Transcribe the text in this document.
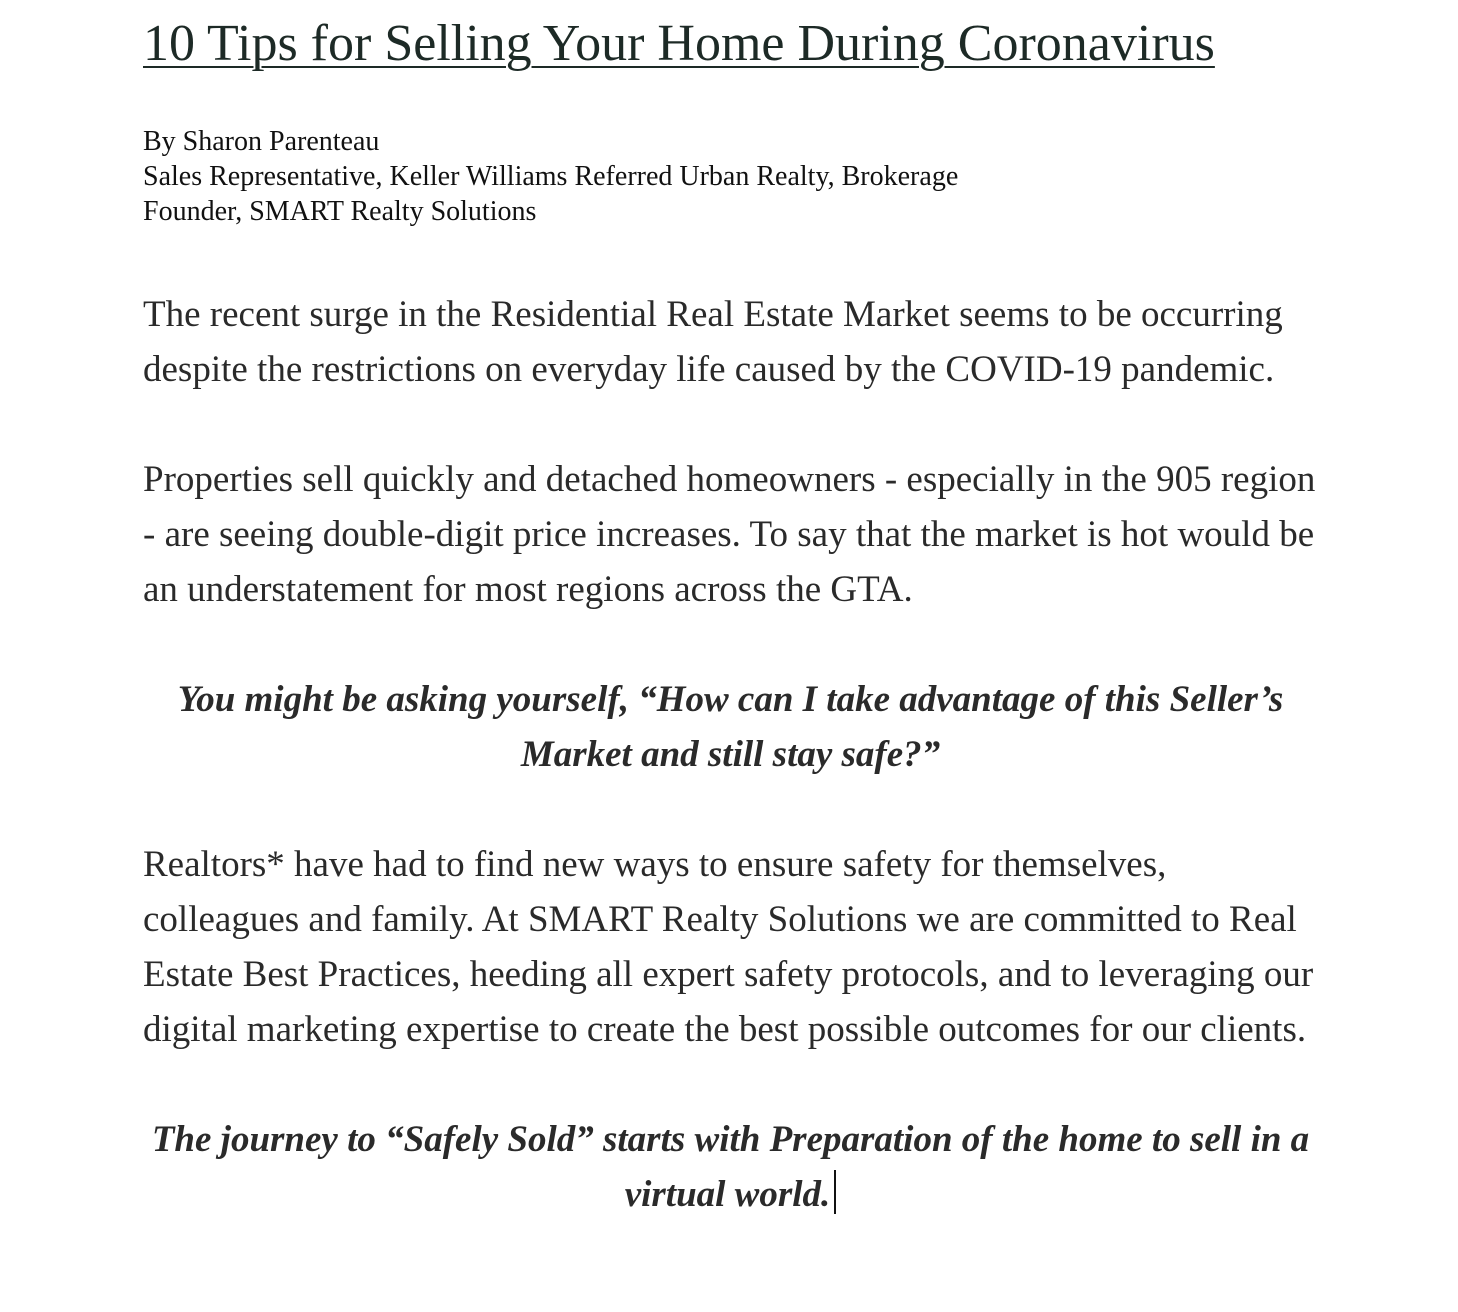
10 Tips for Selling Your Home During Coronavirus
By Sharon Parenteau
Sales Representative, Keller Williams Referred Urban Realty, Brokerage
Founder, SMART Realty Solutions

The recent surge in the Residential Real Estate Market seems to be occurring despite the restrictions on everyday life caused by the COVID-19 pandemic.

Properties sell quickly and detached homeowners - especially in the 905 region - are seeing double-digit price increases. To say that the market is hot would be an understatement for most regions across the GTA.

You might be asking yourself, “How can I take advantage of this Seller’s Market and still stay safe?”

Realtors* have had to find new ways to ensure safety for themselves, colleagues and family. At SMART Realty Solutions we are committed to Real Estate Best Practices, heeding all expert safety protocols, and to leveraging our digital marketing expertise to create the best possible outcomes for our clients.

The journey to “Safely Sold” starts with Preparation of the home to sell in a virtual world.
